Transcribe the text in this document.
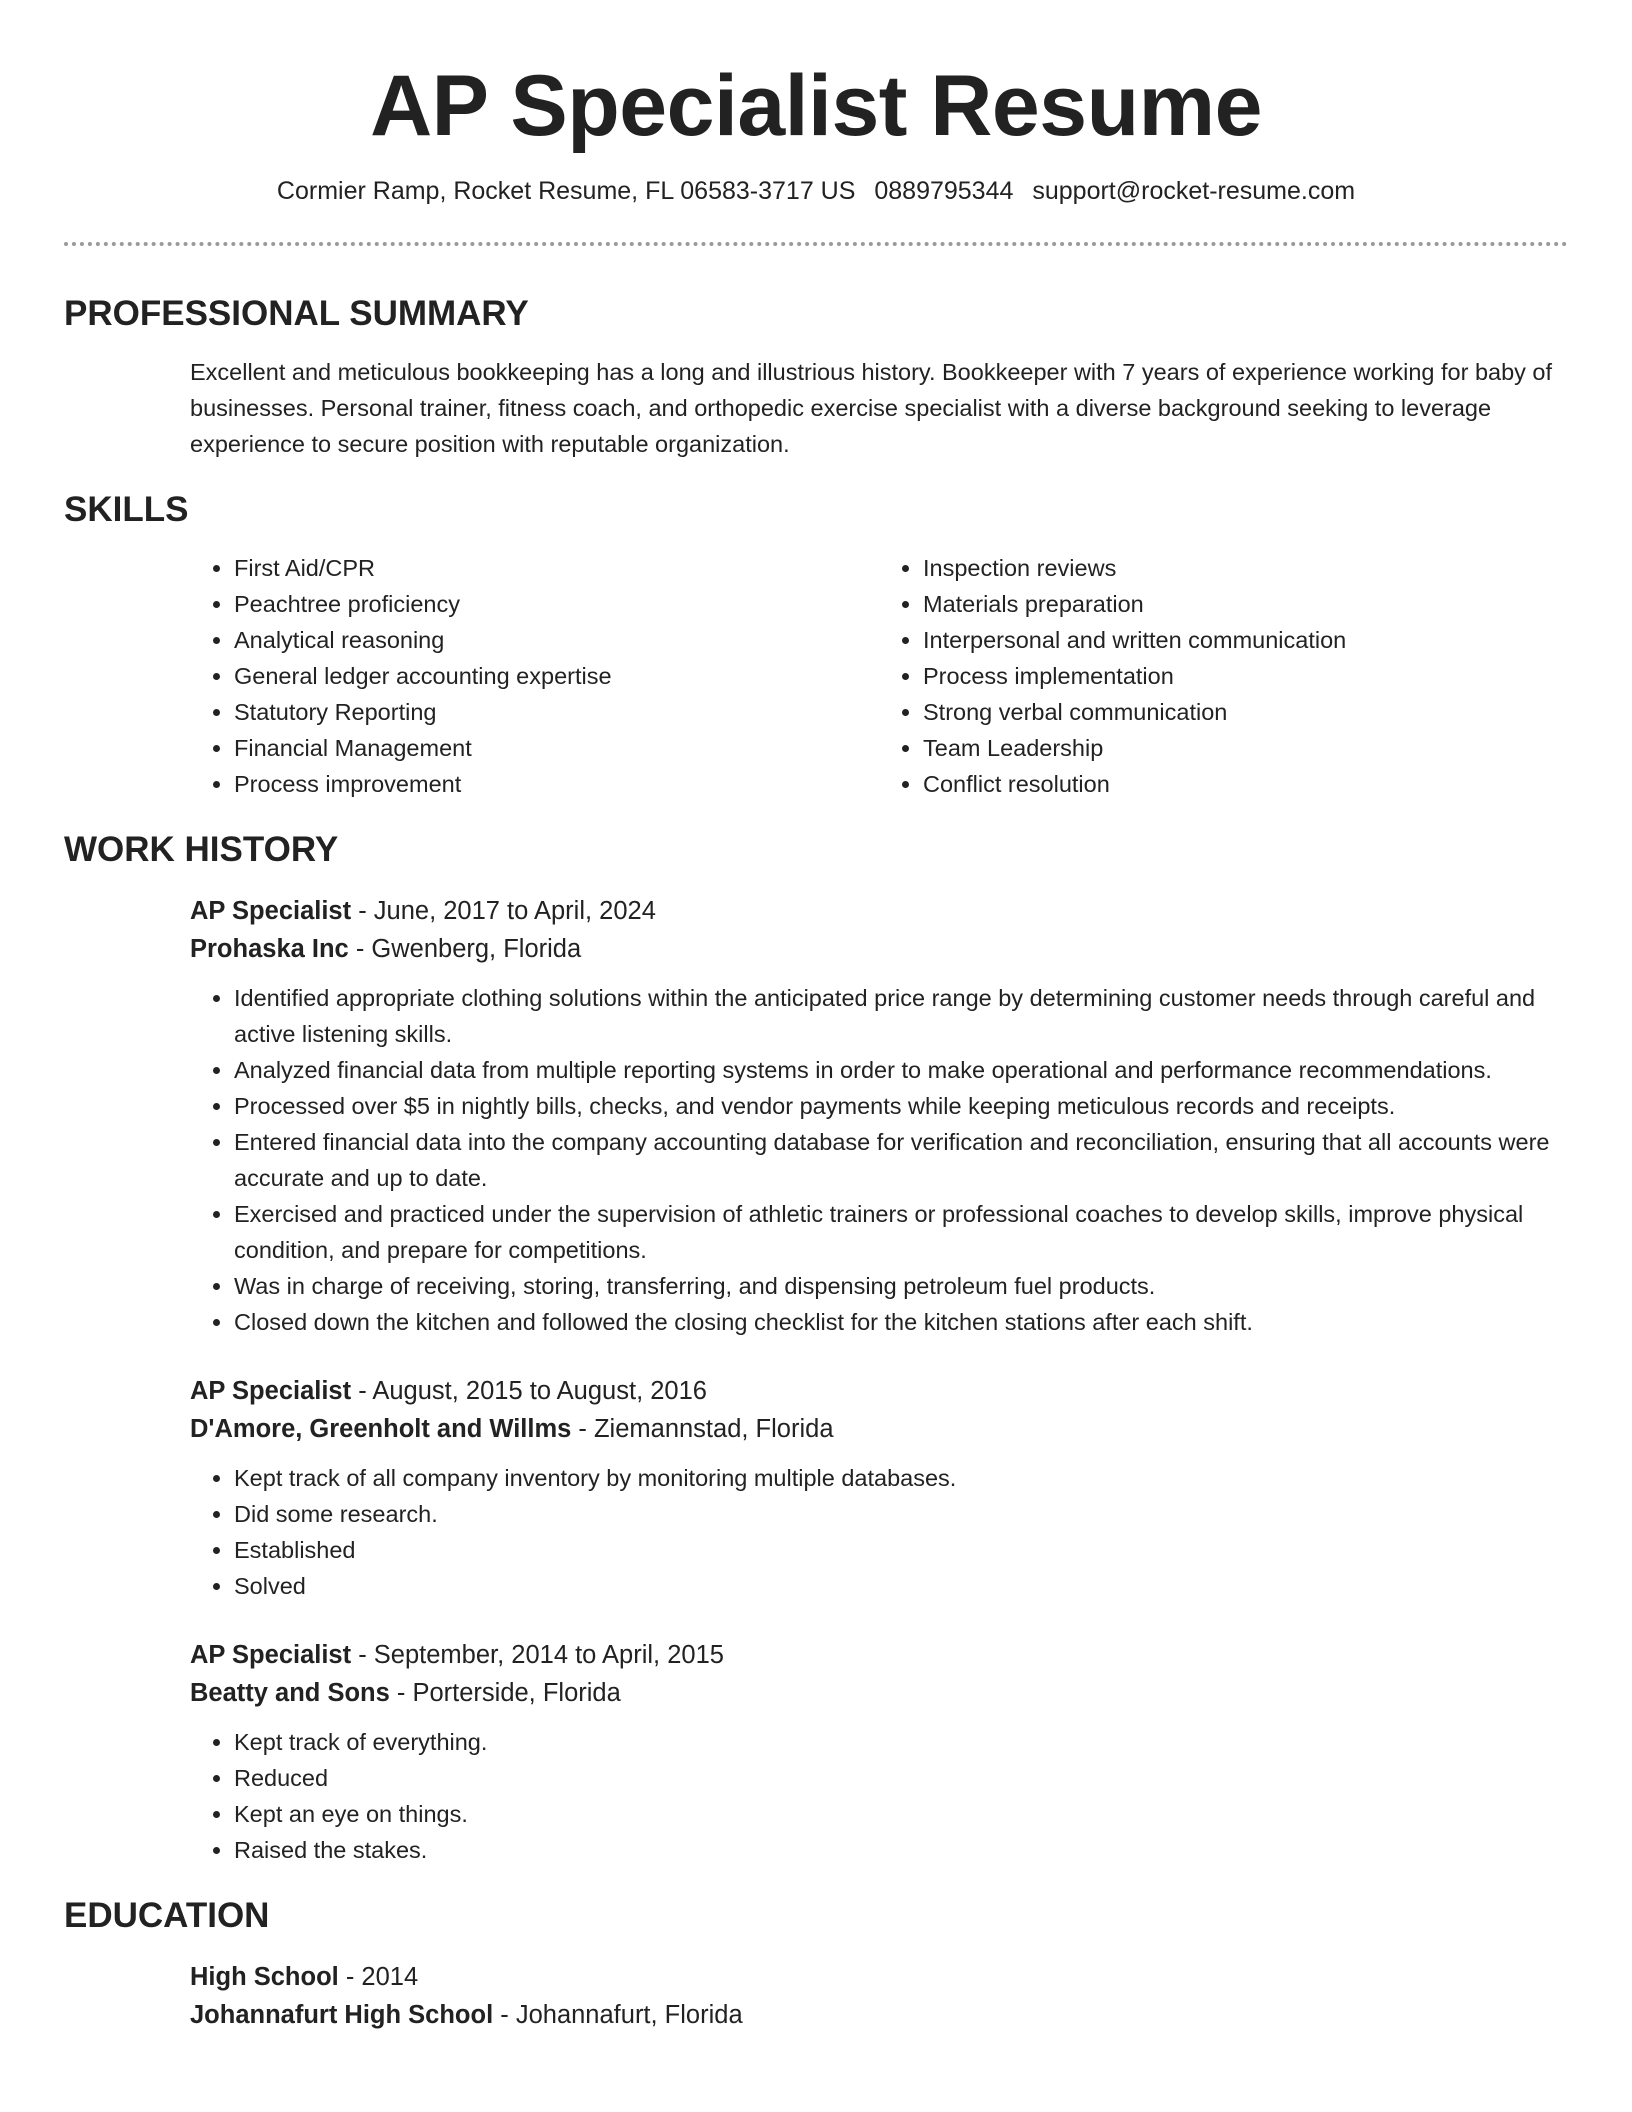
AP Specialist Resume
Cormier Ramp, Rocket Resume, FL 06583-3717 US 0889795344 support@rocket-resume.com
PROFESSIONAL SUMMARY
Excellent and meticulous bookkeeping has a long and illustrious history. Bookkeeper with 7 years of experience working for baby of businesses. Personal trainer, fitness coach, and orthopedic exercise specialist with a diverse background seeking to leverage experience to secure position with reputable organization.
SKILLS
• First Aid/CPR
• Peachtree proficiency
• Analytical reasoning
• General ledger accounting expertise
• Statutory Reporting
• Financial Management
• Process improvement
• Inspection reviews
• Materials preparation
• Interpersonal and written communication
• Process implementation
• Strong verbal communication
• Team Leadership
• Conflict resolution
WORK HISTORY
AP Specialist - June, 2017 to April, 2024
Prohaska Inc - Gwenberg, Florida
• Identified appropriate clothing solutions within the anticipated price range by determining customer needs through careful and active listening skills.
• Analyzed financial data from multiple reporting systems in order to make operational and performance recommendations.
• Processed over $5 in nightly bills, checks, and vendor payments while keeping meticulous records and receipts.
• Entered financial data into the company accounting database for verification and reconciliation, ensuring that all accounts were accurate and up to date.
• Exercised and practiced under the supervision of athletic trainers or professional coaches to develop skills, improve physical condition, and prepare for competitions.
• Was in charge of receiving, storing, transferring, and dispensing petroleum fuel products.
• Closed down the kitchen and followed the closing checklist for the kitchen stations after each shift.
AP Specialist - August, 2015 to August, 2016
D'Amore, Greenholt and Willms - Ziemannstad, Florida
• Kept track of all company inventory by monitoring multiple databases.
• Did some research.
• Established
• Solved
AP Specialist - September, 2014 to April, 2015
Beatty and Sons - Porterside, Florida
• Kept track of everything.
• Reduced
• Kept an eye on things.
• Raised the stakes.
EDUCATION
High School - 2014
Johannafurt High School - Johannafurt, Florida
